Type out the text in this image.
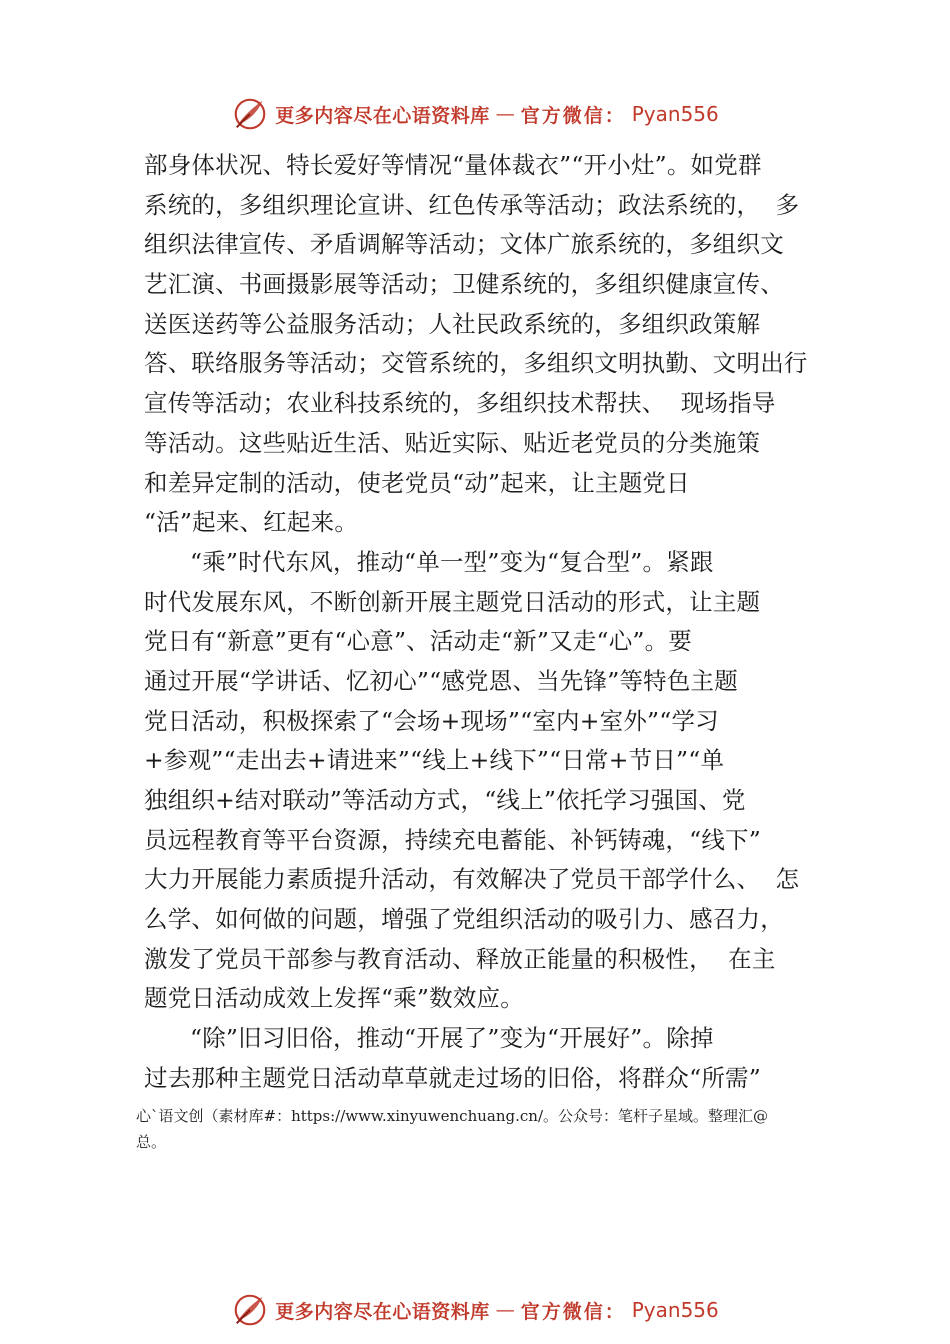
更多内容尽在心语资料库 — 官方微信： Pyan556
部身体状况、特长爱好等情况“量体裁衣”“开小灶”。如党群
系统的，多组织理论宣讲、红色传承等活动；政法系统的，  多
组织法律宣传、矛盾调解等活动；文体广旅系统的，多组织文
艺汇演、书画摄影展等活动；卫健系统的，多组织健康宣传、
送医送药等公益服务活动；人社民政系统的，多组织政策解
答、联络服务等活动；交管系统的，多组织文明执勤、文明出行
宣传等活动；农业科技系统的，多组织技术帮扶、  现场指导
等活动。这些贴近生活、贴近实际、贴近老党员的分类施策
和差异定制的活动，使老党员“动”起来，让主题党日
“活”起来、红起来。
“乘”时代东风，推动“单一型”变为“复合型”。紧跟
时代发展东风，不断创新开展主题党日活动的形式，让主题
党日有“新意”更有“心意”、活动走“新”又走“心”。要
通过开展“学讲话、忆初心”“感党恩、当先锋”等特色主题
党日活动，积极探索了“会场+现场”“室内+室外”“学习
+参观”“走出去+请进来”“线上+线下”“日常+节日”“单
独组织+结对联动”等活动方式，“线上”依托学习强国、党
员远程教育等平台资源，持续充电蓄能、补钙铸魂，“线下”
大力开展能力素质提升活动，有效解决了党员干部学什么、  怎
么学、如何做的问题，增强了党组织活动的吸引力、感召力，
激发了党员干部参与教育活动、释放正能量的积极性，  在主
题党日活动成效上发挥“乘”数效应。
“除”旧习旧俗，推动“开展了”变为“开展好”。除掉
过去那种主题党日活动草草就走过场的旧俗，将群众“所需”
心`语文创（素材库#：https://www.xinyuwenchuang.cn/。公众号：笔杆子星域。整理汇@
总。
更多内容尽在心语资料库 — 官方微信： Pyan556
